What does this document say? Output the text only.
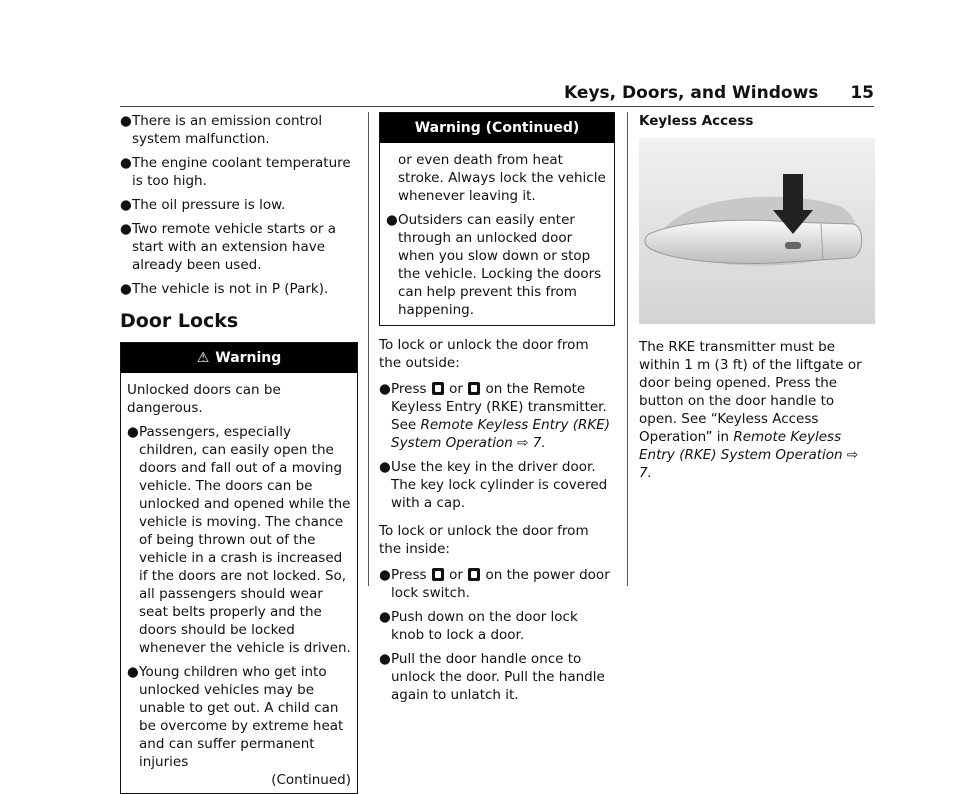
Keys, Doors, and Windows 15
● There is an emission control system malfunction.
● The engine coolant temperature is too high.
● The oil pressure is low.
● Two remote vehicle starts or a start with an extension have already been used.
● The vehicle is not in P (Park).
Door Locks
⚠ Warning

Unlocked doors can be dangerous.

● Passengers, especially children, can easily open the doors and fall out of a moving vehicle. The doors can be unlocked and opened while the vehicle is moving. The chance of being thrown out of the vehicle in a crash is increased if the doors are not locked. So, all passengers should wear seat belts properly and the doors should be locked whenever the vehicle is driven.
● Young children who get into unlocked vehicles may be unable to get out. A child can be overcome by extreme heat and can suffer permanent injuries
(Continued)
Warning (Continued)

or even death from heat stroke. Always lock the vehicle whenever leaving it.

● Outsiders can easily enter through an unlocked door when you slow down or stop the vehicle. Locking the doors can help prevent this from happening.

To lock or unlock the door from the outside:

● Press or on the Remote Keyless Entry (RKE) transmitter. See Remote Keyless Entry (RKE) System Operation ⇨ 7.
● Use the key in the driver door. The key lock cylinder is covered with a cap.

To lock or unlock the door from the inside:

● Press or on the power door lock switch.
● Push down on the door lock knob to lock a door.
● Pull the door handle once to unlock the door. Pull the handle again to unlatch it.
Keyless Access

The RKE transmitter must be within 1 m (3 ft) of the liftgate or door being opened. Press the button on the door handle to open. See “Keyless Access Operation” in Remote Keyless Entry (RKE) System Operation ⇨ 7.
